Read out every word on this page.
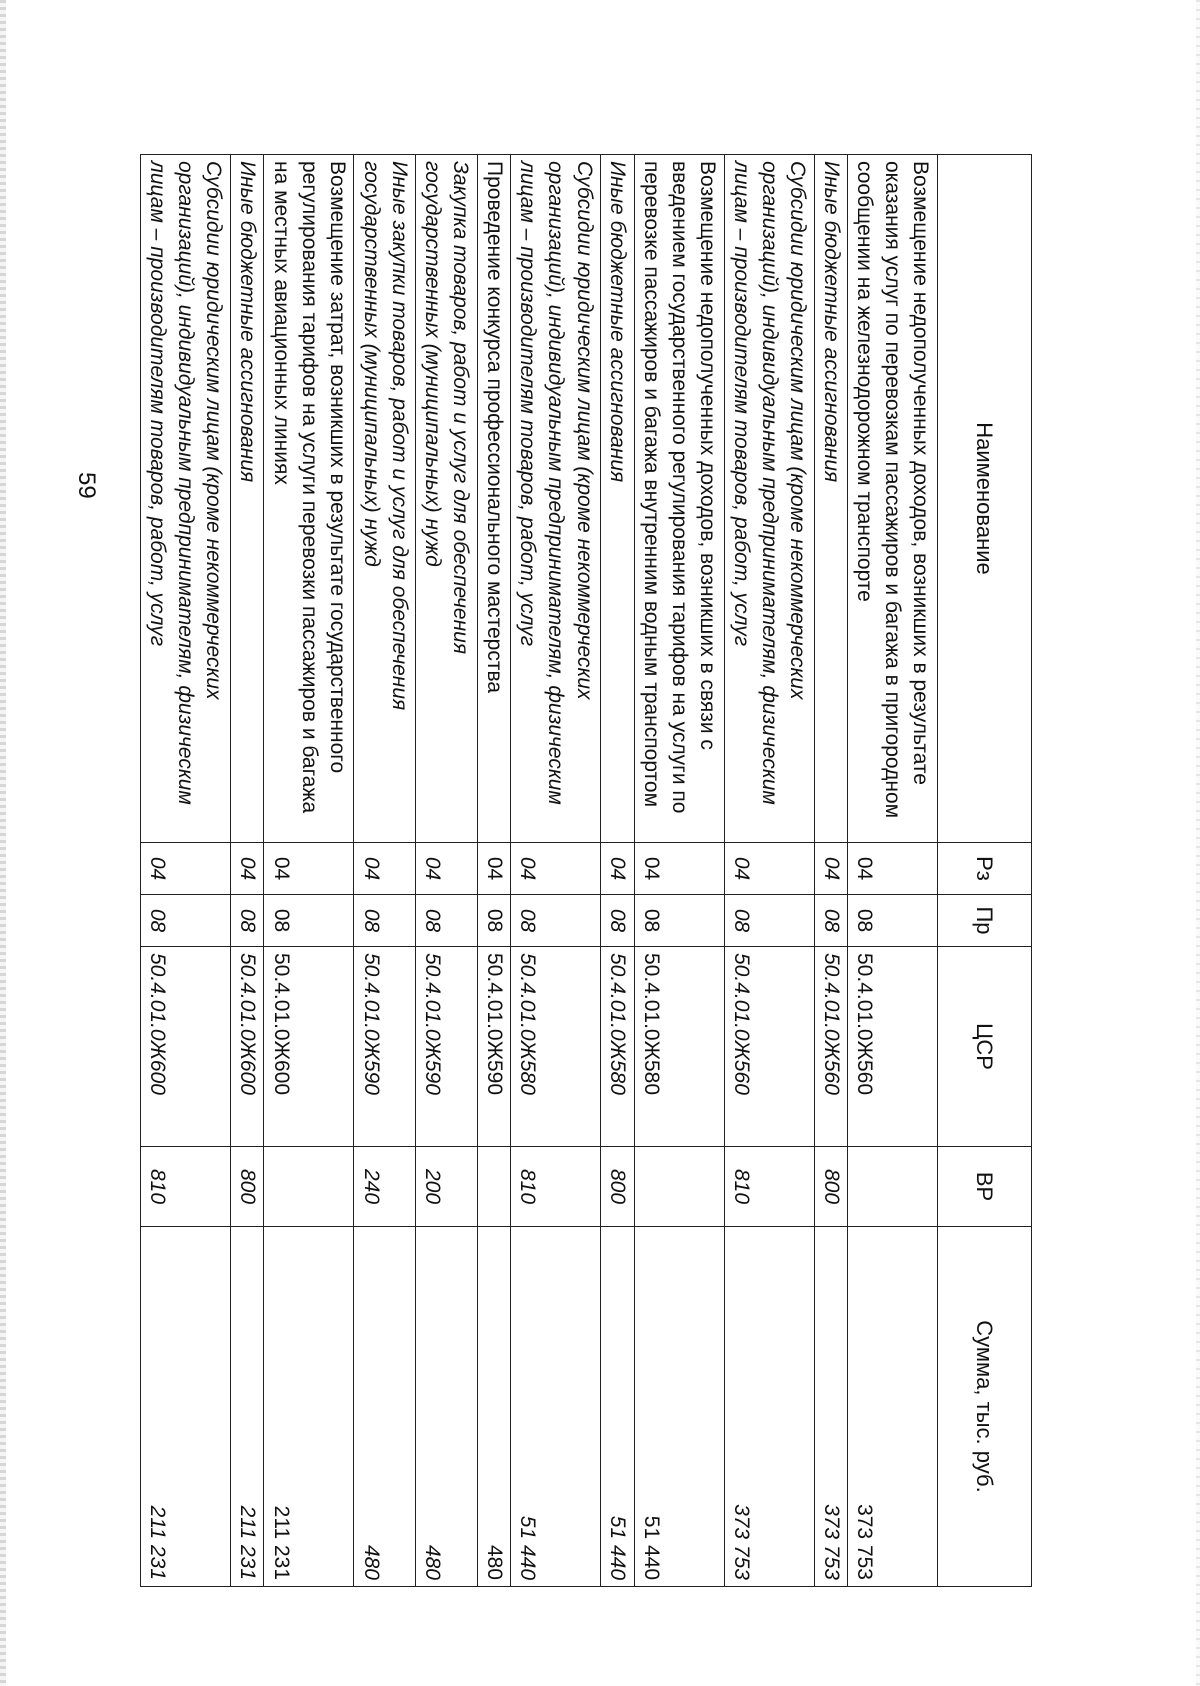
59	Наименование	Рз	Пр	ЦСР	ВР	Сумма, тыс. руб.
Возмещение недополученных доходов, возникших в результате оказания услуг по перевозкам пассажиров и багажа в пригородном сообщении на железнодорожном транспорте	04	08	50.4.01.0Ж560		373 753
Иные бюджетные ассигнования	04	08	50.4.01.0Ж560	800	373 753
Субсидии юридическим лицам (кроме некоммерческих организаций), индивидуальным предпринимателям, физическим лицам – производителям товаров, работ, услуг	04	08	50.4.01.0Ж560	810	373 753
Возмещение недополученных доходов, возникших в связи с введением государственного регулирования тарифов на услуги по перевозке пассажиров и багажа внутренним водным транспортом	04	08	50.4.01.0Ж580		51 440
Иные бюджетные ассигнования	04	08	50.4.01.0Ж580	800	51 440
Субсидии юридическим лицам (кроме некоммерческих организаций), индивидуальным предпринимателям, физическим лицам – производителям товаров, работ, услуг	04	08	50.4.01.0Ж580	810	51 440
Проведение конкурса профессионального мастерства	04	08	50.4.01.0Ж590		480
Закупка товаров, работ и услуг для обеспечения государственных (муниципальных) нужд	04	08	50.4.01.0Ж590	200	480
Иные закупки товаров, работ и услуг для обеспечения государственных (муниципальных) нужд	04	08	50.4.01.0Ж590	240	480
Возмещение затрат, возникших в результате государственного регулирования тарифов на услуги перевозки пассажиров и багажа на местных авиационных линиях	04	08	50.4.01.0Ж600		211 231
Иные бюджетные ассигнования	04	08	50.4.01.0Ж600	800	211 231
Субсидии юридическим лицам (кроме некоммерческих организаций), индивидуальным предпринимателям, физическим лицам – производителям товаров, работ, услуг	04	08	50.4.01.0Ж600	810	211 231
